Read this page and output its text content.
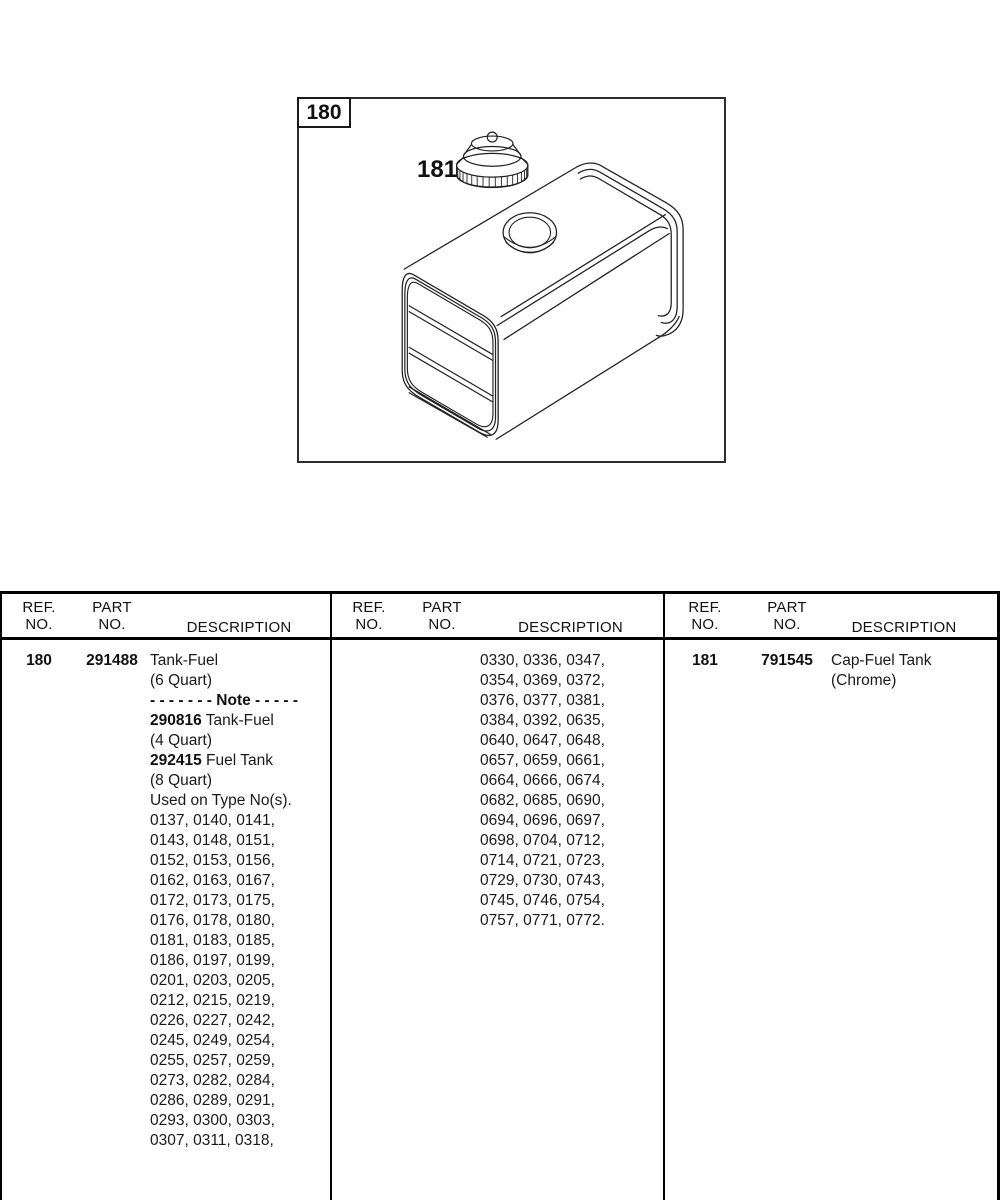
180
181
REF.
NO.
PART
NO.	DESCRIPTION
180	291488 Tank-Fuel
(6 Quart)
- - - - - - - Note - - - - -
290816 Tank-Fuel
(4 Quart)
292415 Fuel Tank
(8 Quart)
Used on Type No(s).
0137, 0140, 0141,
0143, 0148, 0151,
0152, 0153, 0156,
0162, 0163, 0167,
0172, 0173, 0175,
0176, 0178, 0180,
0181, 0183, 0185,
0186, 0197, 0199,
0201, 0203, 0205,
0212, 0215, 0219,
0226, 0227, 0242,
0245, 0249, 0254,
0255, 0257, 0259,
0273, 0282, 0284,
0286, 0289, 0291,
0293, 0300, 0303,
0307, 0311, 0318,
REF.
NO.
PART
NO.	DESCRIPTION
0330, 0336, 0347,
0354, 0369, 0372,
0376, 0377, 0381,
0384, 0392, 0635,
0640, 0647, 0648,
0657, 0659, 0661,
0664, 0666, 0674,
0682, 0685, 0690,
0694, 0696, 0697,
0698, 0704, 0712,
0714, 0721, 0723,
0729, 0730, 0743,
0745, 0746, 0754,
0757, 0771, 0772.
REF.
NO.
PART
NO.	DESCRIPTION
181	791545	Cap-Fuel Tank
(Chrome)
